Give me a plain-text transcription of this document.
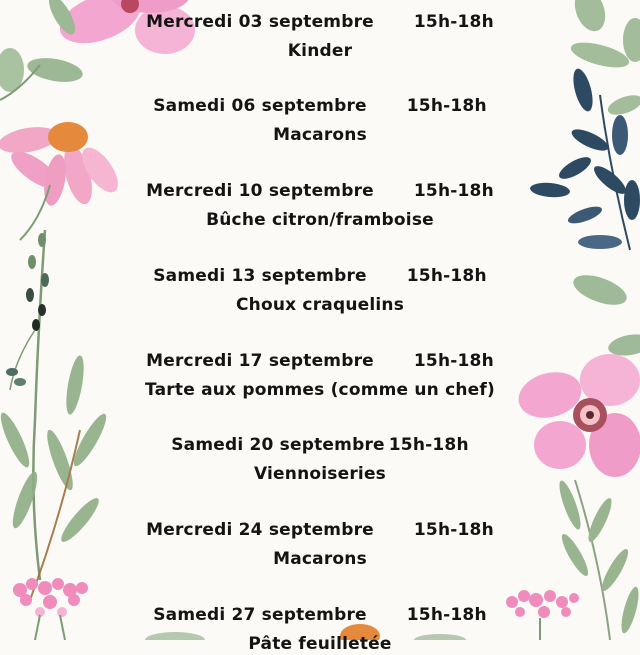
Mercredi 03 septembre 15h-18h
Kinder
Samedi 06 septembre 15h-18h
Macarons
Mercredi 10 septembre 15h-18h
Bûche citron/framboise
Samedi 13 septembre 15h-18h
Choux craquelins
Mercredi 17 septembre 15h-18h
Tarte aux pommes (comme un chef)
Samedi 20 septembre 15h-18h
Viennoiseries
Mercredi 24 septembre 15h-18h
Macarons
Samedi 27 septembre 15h-18h
Pâte feuilletée
